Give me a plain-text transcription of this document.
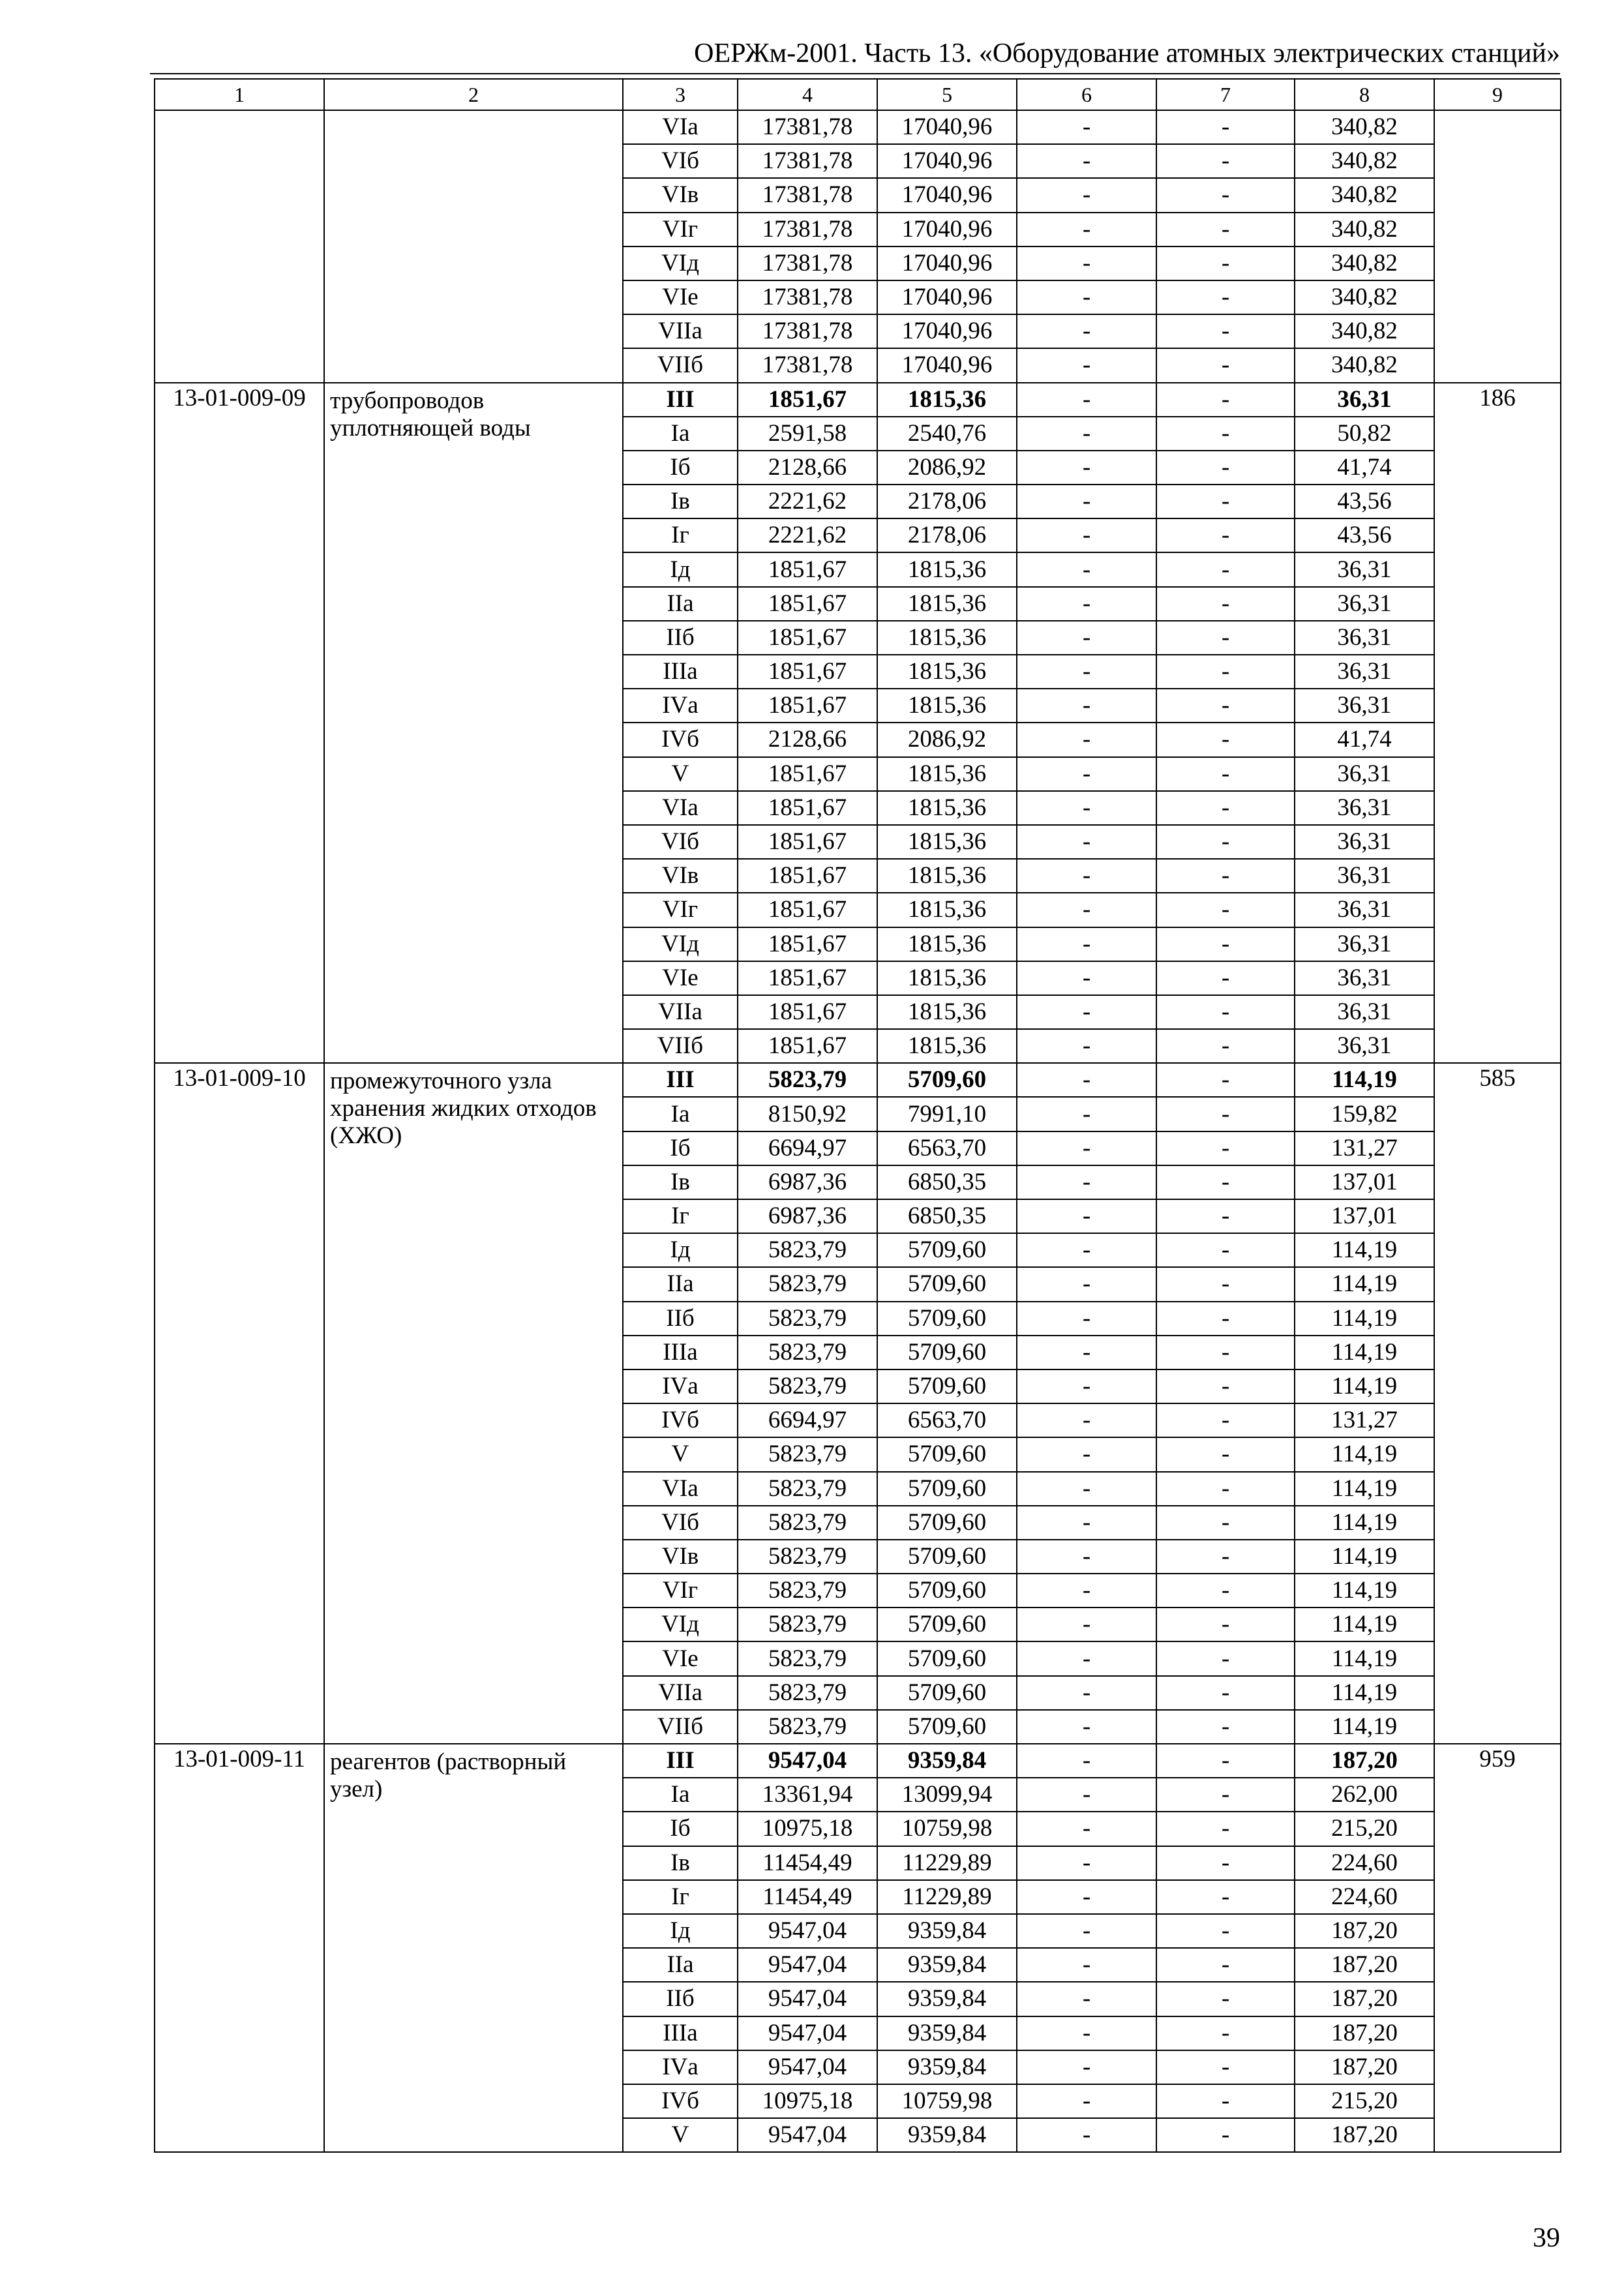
ОЕРЖм-2001. Часть 13. «Оборудование атомных электрических станций»
1	2	3	4	5	6	7	8	9
		VIа	17381,78	17040,96	-	-	340,82	
		VIб	17381,78	17040,96	-	-	340,82	
		VIв	17381,78	17040,96	-	-	340,82	
		VIг	17381,78	17040,96	-	-	340,82	
		VIд	17381,78	17040,96	-	-	340,82	
		VIе	17381,78	17040,96	-	-	340,82	
		VIIа	17381,78	17040,96	-	-	340,82	
		VIIб	17381,78	17040,96	-	-	340,82	
13-01-009-09	трубопроводов уплотняющей воды	III	1851,67	1815,36	-	-	36,31	186
		Iа	2591,58	2540,76	-	-	50,82	
		Iб	2128,66	2086,92	-	-	41,74	
		Iв	2221,62	2178,06	-	-	43,56	
		Iг	2221,62	2178,06	-	-	43,56	
		Iд	1851,67	1815,36	-	-	36,31	
		IIа	1851,67	1815,36	-	-	36,31	
		IIб	1851,67	1815,36	-	-	36,31	
		IIIа	1851,67	1815,36	-	-	36,31	
		IVа	1851,67	1815,36	-	-	36,31	
		IVб	2128,66	2086,92	-	-	41,74	
		V	1851,67	1815,36	-	-	36,31	
		VIа	1851,67	1815,36	-	-	36,31	
		VIб	1851,67	1815,36	-	-	36,31	
		VIв	1851,67	1815,36	-	-	36,31	
		VIг	1851,67	1815,36	-	-	36,31	
		VIд	1851,67	1815,36	-	-	36,31	
		VIе	1851,67	1815,36	-	-	36,31	
		VIIа	1851,67	1815,36	-	-	36,31	
		VIIб	1851,67	1815,36	-	-	36,31	
13-01-009-10	промежуточного узла хранения жидких отходов (ХЖО)	III	5823,79	5709,60	-	-	114,19	585
		Iа	8150,92	7991,10	-	-	159,82	
		Iб	6694,97	6563,70	-	-	131,27	
		Iв	6987,36	6850,35	-	-	137,01	
		Iг	6987,36	6850,35	-	-	137,01	
		Iд	5823,79	5709,60	-	-	114,19	
		IIа	5823,79	5709,60	-	-	114,19	
		IIб	5823,79	5709,60	-	-	114,19	
		IIIа	5823,79	5709,60	-	-	114,19	
		IVа	5823,79	5709,60	-	-	114,19	
		IVб	6694,97	6563,70	-	-	131,27	
		V	5823,79	5709,60	-	-	114,19	
		VIа	5823,79	5709,60	-	-	114,19	
		VIб	5823,79	5709,60	-	-	114,19	
		VIв	5823,79	5709,60	-	-	114,19	
		VIг	5823,79	5709,60	-	-	114,19	
		VIд	5823,79	5709,60	-	-	114,19	
		VIе	5823,79	5709,60	-	-	114,19	
		VIIа	5823,79	5709,60	-	-	114,19	
		VIIб	5823,79	5709,60	-	-	114,19	
13-01-009-11	реагентов (растворный узел)	III	9547,04	9359,84	-	-	187,20	959
		Iа	13361,94	13099,94	-	-	262,00	
		Iб	10975,18	10759,98	-	-	215,20	
		Iв	11454,49	11229,89	-	-	224,60	
		Iг	11454,49	11229,89	-	-	224,60	
		Iд	9547,04	9359,84	-	-	187,20	
		IIа	9547,04	9359,84	-	-	187,20	
		IIб	9547,04	9359,84	-	-	187,20	
		IIIа	9547,04	9359,84	-	-	187,20	
		IVа	9547,04	9359,84	-	-	187,20	
		IVб	10975,18	10759,98	-	-	215,20	
		V	9547,04	9359,84	-	-	187,20	
39
